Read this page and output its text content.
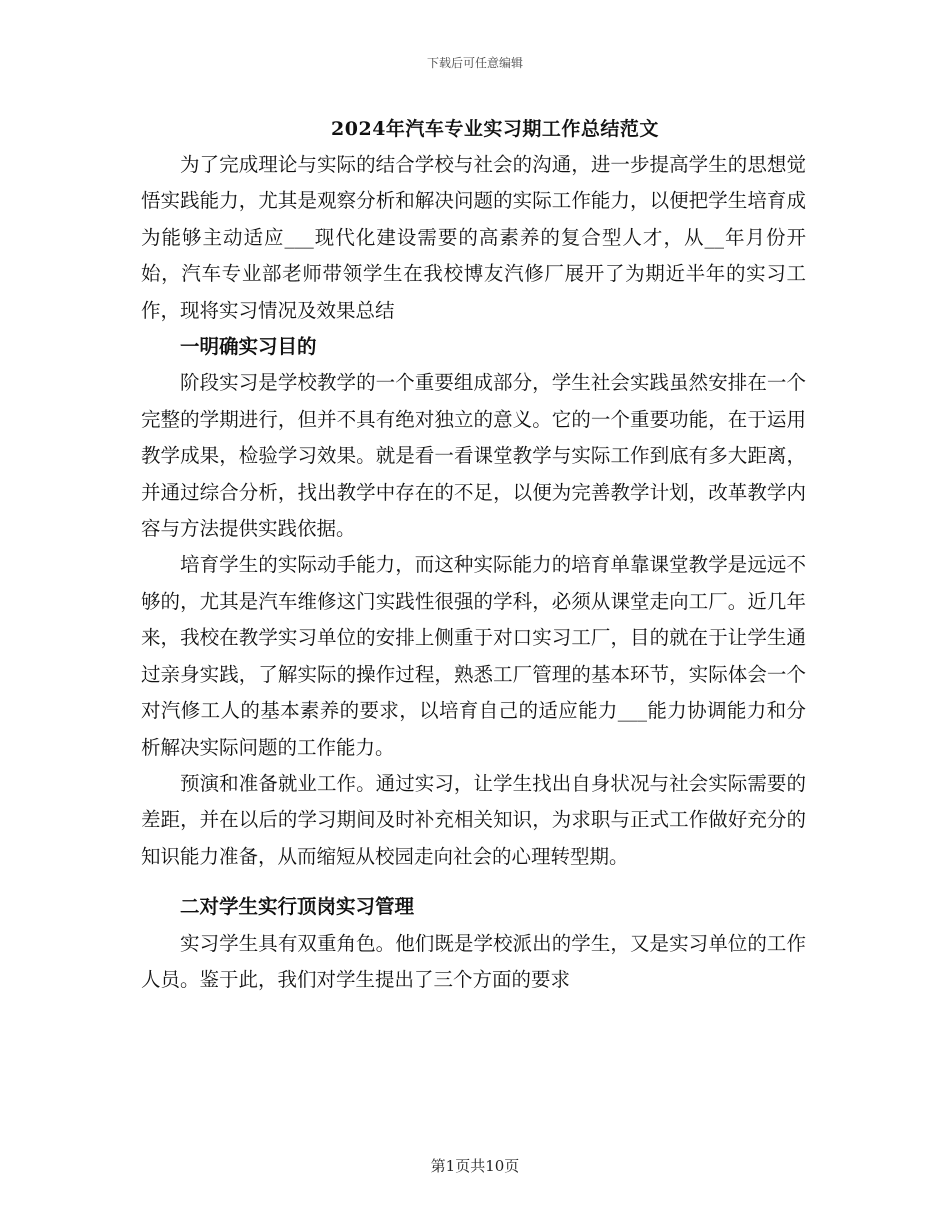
下载后可任意编辑
2024年汽车专业实习期工作总结范文

为了完成理论与实际的结合学校与社会的沟通，进一步提高学生的思想觉悟实践能力，尤其是观察分析和解决问题的实际工作能力，以便把学生培育成为能够主动适应___现代化建设需要的高素养的复合型人才，从__年月份开始，汽车专业部老师带领学生在我校博友汽修厂展开了为期近半年的实习工作，现将实习情况及效果总结

一明确实习目的

阶段实习是学校教学的一个重要组成部分，学生社会实践虽然安排在一个完整的学期进行，但并不具有绝对独立的意义。它的一个重要功能，在于运用教学成果，检验学习效果。就是看一看课堂教学与实际工作到底有多大距离，并通过综合分析，找出教学中存在的不足，以便为完善教学计划，改革教学内容与方法提供实践依据。

培育学生的实际动手能力，而这种实际能力的培育单靠课堂教学是远远不够的，尤其是汽车维修这门实践性很强的学科，必须从课堂走向工厂。近几年来，我校在教学实习单位的安排上侧重于对口实习工厂，目的就在于让学生通过亲身实践，了解实际的操作过程，熟悉工厂管理的基本环节，实际体会一个对汽修工人的基本素养的要求，以培育自己的适应能力___能力协调能力和分析解决实际问题的工作能力。

预演和准备就业工作。通过实习，让学生找出自身状况与社会实际需要的差距，并在以后的学习期间及时补充相关知识，为求职与正式工作做好充分的知识能力准备，从而缩短从校园走向社会的心理转型期。

二对学生实行顶岗实习管理

实习学生具有双重角色。他们既是学校派出的学生，又是实习单位的工作人员。鉴于此，我们对学生提出了三个方面的要求

第1页共10页
